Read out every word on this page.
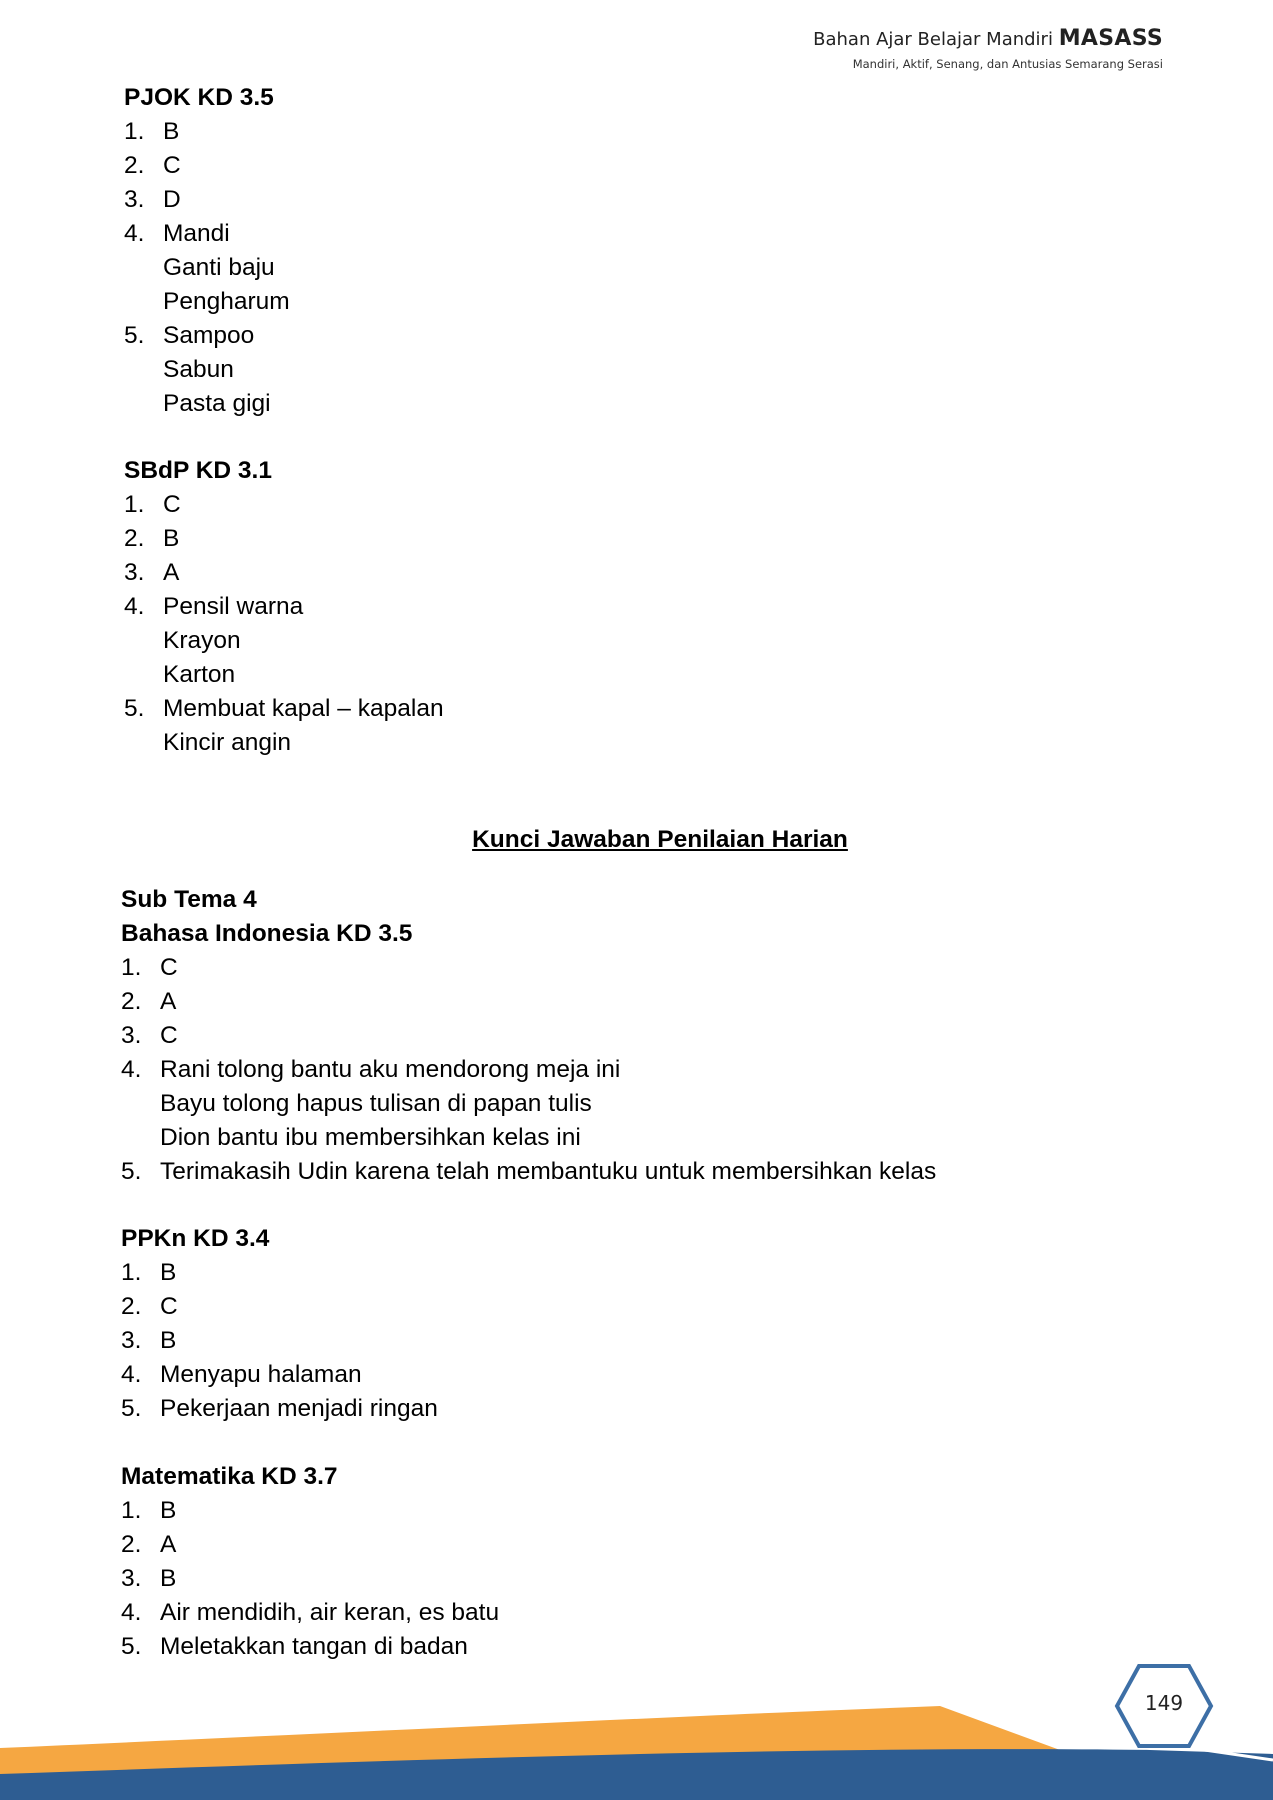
Bahan Ajar Belajar Mandiri MASASS
Mandiri, Aktif, Senang, dan Antusias Semarang Serasi
PJOK KD 3.5
1. B
2. C
3. D
4. Mandi
Ganti baju
Pengharum
5. Sampoo
Sabun
Pasta gigi
SBdP KD 3.1
1. C
2. B
3. A
4. Pensil warna
Krayon
Karton
5. Membuat kapal – kapalan
Kincir angin
Kunci Jawaban Penilaian Harian
Sub Tema 4
Bahasa Indonesia KD 3.5
1. C
2. A
3. C
4. Rani tolong bantu aku mendorong meja ini
Bayu tolong hapus tulisan di papan tulis
Dion bantu ibu membersihkan kelas ini
5. Terimakasih Udin karena telah membantuku untuk membersihkan kelas
PPKn KD 3.4
1. B
2. C
3. B
4. Menyapu halaman
5. Pekerjaan menjadi ringan
Matematika KD 3.7
1. B
2. A
3. B
4. Air mendidih, air keran, es batu
5. Meletakkan tangan di badan
149
